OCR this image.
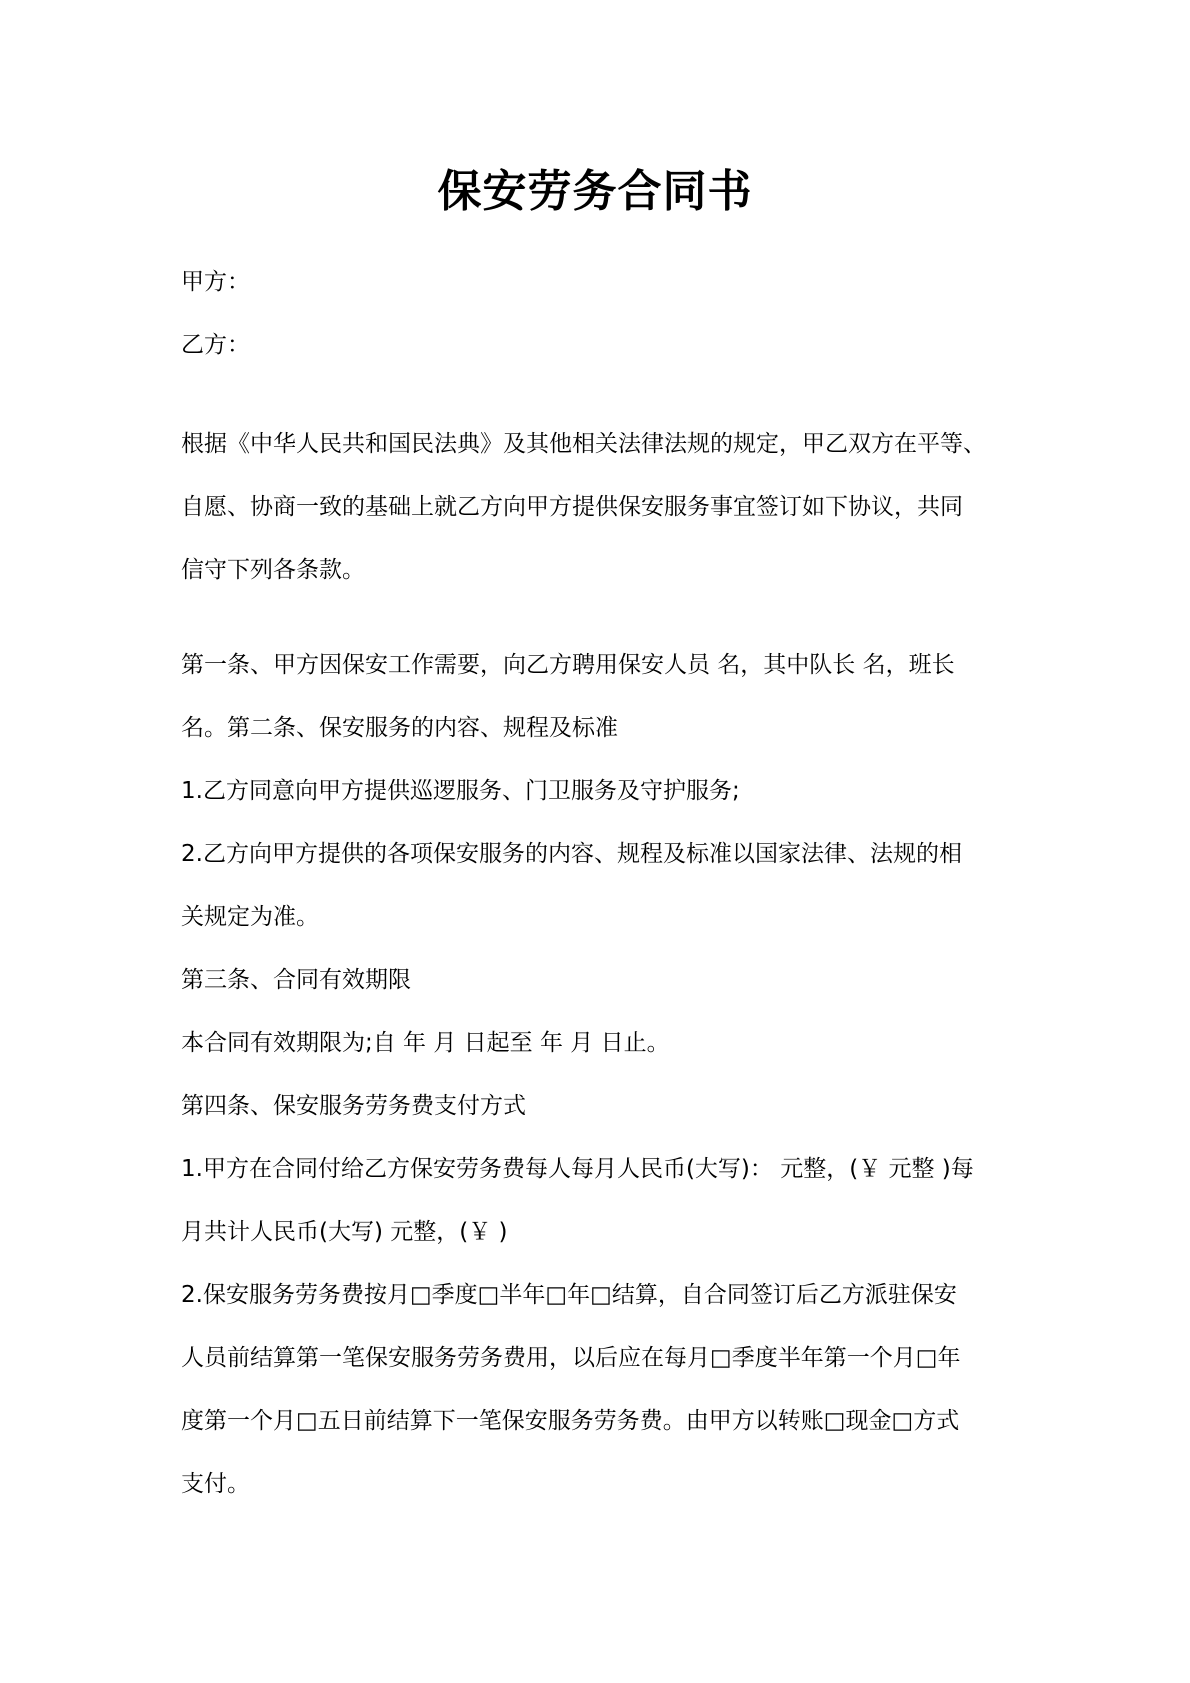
保安劳务合同书
甲方：
乙方：
根据《中华人民共和国民法典》及其他相关法律法规的规定，甲乙双方在平等、
自愿、协商一致的基础上就乙方向甲方提供保安服务事宜签订如下协议，共同
信守下列各条款。
第一条、甲方因保安工作需要，向乙方聘用保安人员 名，其中队长 名，班长
名。第二条、保安服务的内容、规程及标准
1.乙方同意向甲方提供巡逻服务、门卫服务及守护服务;
2.乙方向甲方提供的各项保安服务的内容、规程及标准以国家法律、法规的相
关规定为准。
第三条、合同有效期限
本合同有效期限为;自 年 月 日起至 年 月 日止。
第四条、保安服务劳务费支付方式
1.甲方在合同付给乙方保安劳务费每人每月人民币(大写)： 元整，(￥ 元整 )每
月共计人民币(大写) 元整，(￥ )
2.保安服务劳务费按月□季度□半年□年□结算，自合同签订后乙方派驻保安
人员前结算第一笔保安服务劳务费用，以后应在每月□季度半年第一个月□年
度第一个月□五日前结算下一笔保安服务劳务费。由甲方以转账□现金□方式
支付。
